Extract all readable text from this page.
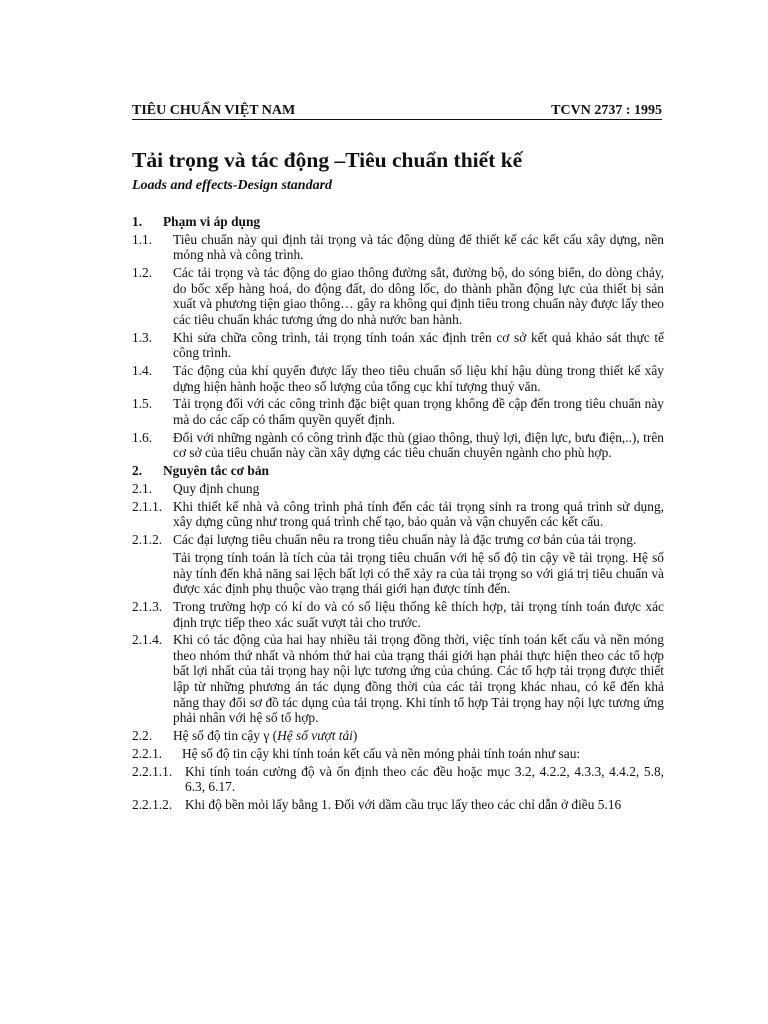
TIÊU CHUẨN VIỆT NAM	TCVN 2737 : 1995
Tải trọng và tác động –Tiêu chuẩn thiết kế
Loads and effects-Design standard
1.	Phạm vi áp dụng
1.1.	Tiêu chuẩn này qui định tải trọng và tác động dùng để thiết kế các kết cấu xây dựng, nền móng nhà và công trình.
1.2.	Các tải trọng và tác động do giao thông đường sắt, đường bộ, do sóng biển, do dòng chảy, do bốc xếp hàng hoá, do động đất, do dông lốc, do thành phần động lực của thiết bị sản xuất và phương tiện giao thông… gây ra không qui định tiêu trong chuẩn này được lấy theo các tiêu chuẩn khác tương ứng do nhà nước ban hành.
1.3.	Khi sửa chữa công trình, tải trọng tính toán xác định trên cơ sở kết quả khảo sát thực tế công trình.
1.4.	Tác động của khí quyển được lấy theo tiêu chuẩn số liệu khí hậu dùng trong thiết kế xây dựng hiện hành hoặc theo số lượng của tổng cục khí tượng thuỷ văn.
1.5.	Tải trọng đối với các công trình đặc biệt quan trọng không đề cập đến trong tiêu chuẩn này mà do các cấp có thẩm quyền quyết định.
1.6.	Đối với những ngành có công trình đặc thù (giao thông, thuỷ lợi, điện lực, bưu điện,..), trên cơ sở của tiêu chuẩn này cần xây dựng các tiêu chuẩn chuyên ngành cho phù hợp.
2.	Nguyên tắc cơ bản
2.1.	Quy định chung
2.1.1. Khi thiết kế nhà và công trình phả tính đến các tải trọng sinh ra trong quá trình sử dụng, xây dựng cũng như trong quá trình chế tạo, bảo quản và vận chuyển các kết cấu.
2.1.2. Các đại lượng tiêu chuẩn nêu ra trong tiêu chuẩn này là đặc trưng cơ bản của tải trọng.
Tải trọng tính toán là tích của tải trọng tiêu chuẩn với hệ số độ tin cậy về tải trọng. Hệ số này tính đến khả năng sai lệch bất lợi có thể xảy ra của tải trọng so với giá trị tiêu chuẩn và được xác định phụ thuộc vào trạng thái giới hạn được tính đến.
2.1.3. Trong trường hợp có kí do và có số liệu thống kê thích hợp, tải trọng tính toán được xác định trực tiếp theo xác suất vượt tải cho trước.
2.1.4. Khi có tác động của hai hay nhiều tải trọng đồng thời, việc tính toán kết cấu và nền móng theo nhóm thứ nhất và nhóm thứ hai của trạng thái giới hạn phải thực hiện theo các tổ hợp bất lợi nhất của tải trọng hay nội lực tương ứng của chúng. Các tổ hợp tải trọng được thiết lập từ những phương án tác dụng đồng thời của các tải trọng khác nhau, có kể đến khả năng thay đổi sơ đồ tác dụng của tải trọng. Khi tính tổ hợp Tải trọng hay nội lực tương ứng phải nhân với hệ số tổ hợp.
2.2.	Hệ số độ tin cậy γ (Hệ số vượt tải)
2.2.1.	Hệ số độ tin cậy khi tính toán kết cấu và nền móng phải tính toán như sau:
2.2.1.1. Khi tính toán cường độ và ổn định theo các đều hoặc mục 3.2, 4.2.2, 4.3.3, 4.4.2, 5.8, 6.3, 6.17.
2.2.1.2. Khi độ bền mỏi lấy bằng 1. Đối với dầm cầu trục lấy theo các chỉ dẫn ở điều 5.16
